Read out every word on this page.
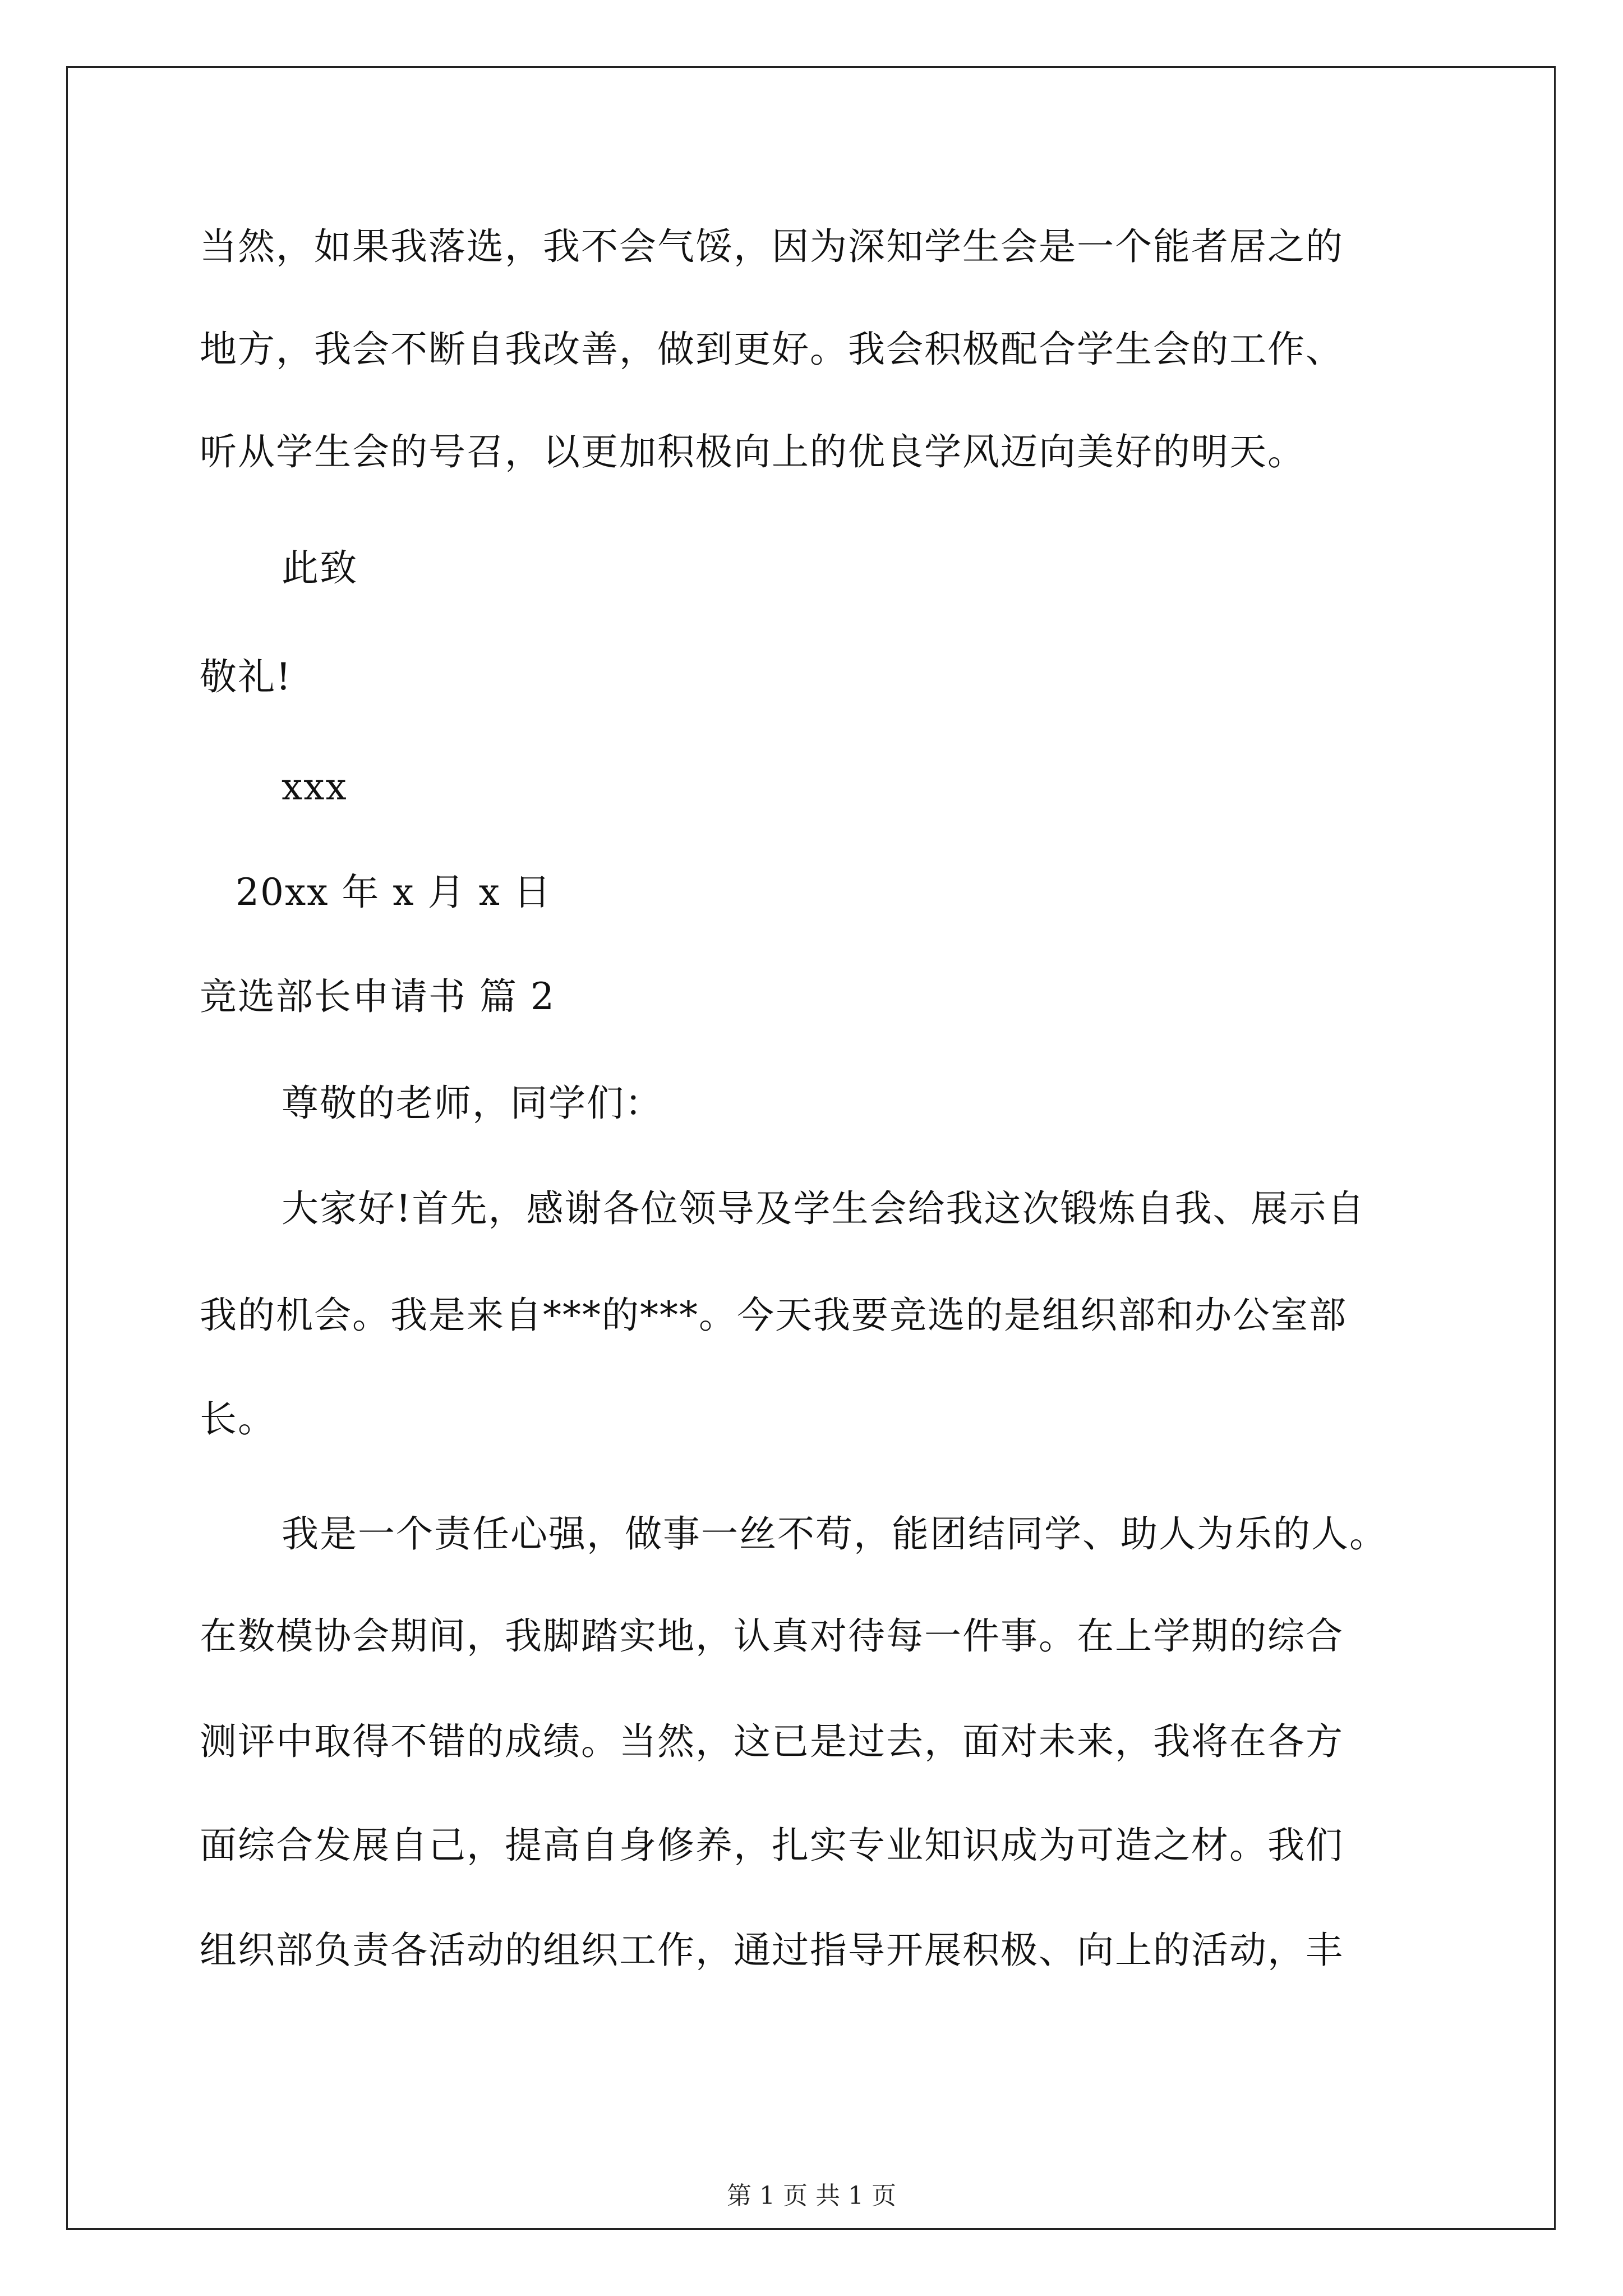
当然，如果我落选，我不会气馁，因为深知学生会是一个能者居之的
地方，我会不断自我改善，做到更好。我会积极配合学生会的工作、
听从学生会的号召，以更加积极向上的优良学风迈向美好的明天。
此致
敬礼!
xxx
20xx 年 x 月 x 日
竞选部长申请书 篇 2
尊敬的老师，同学们：
大家好!首先，感谢各位领导及学生会给我这次锻炼自我、展示自
我的机会。我是来自***的***。今天我要竞选的是组织部和办公室部
长。
我是一个责任心强，做事一丝不苟，能团结同学、助人为乐的人。
在数模协会期间，我脚踏实地，认真对待每一件事。在上学期的综合
测评中取得不错的成绩。当然，这已是过去，面对未来，我将在各方
面综合发展自己，提高自身修养，扎实专业知识成为可造之材。我们
组织部负责各活动的组织工作，通过指导开展积极、向上的活动，丰
第 1 页 共 1 页
